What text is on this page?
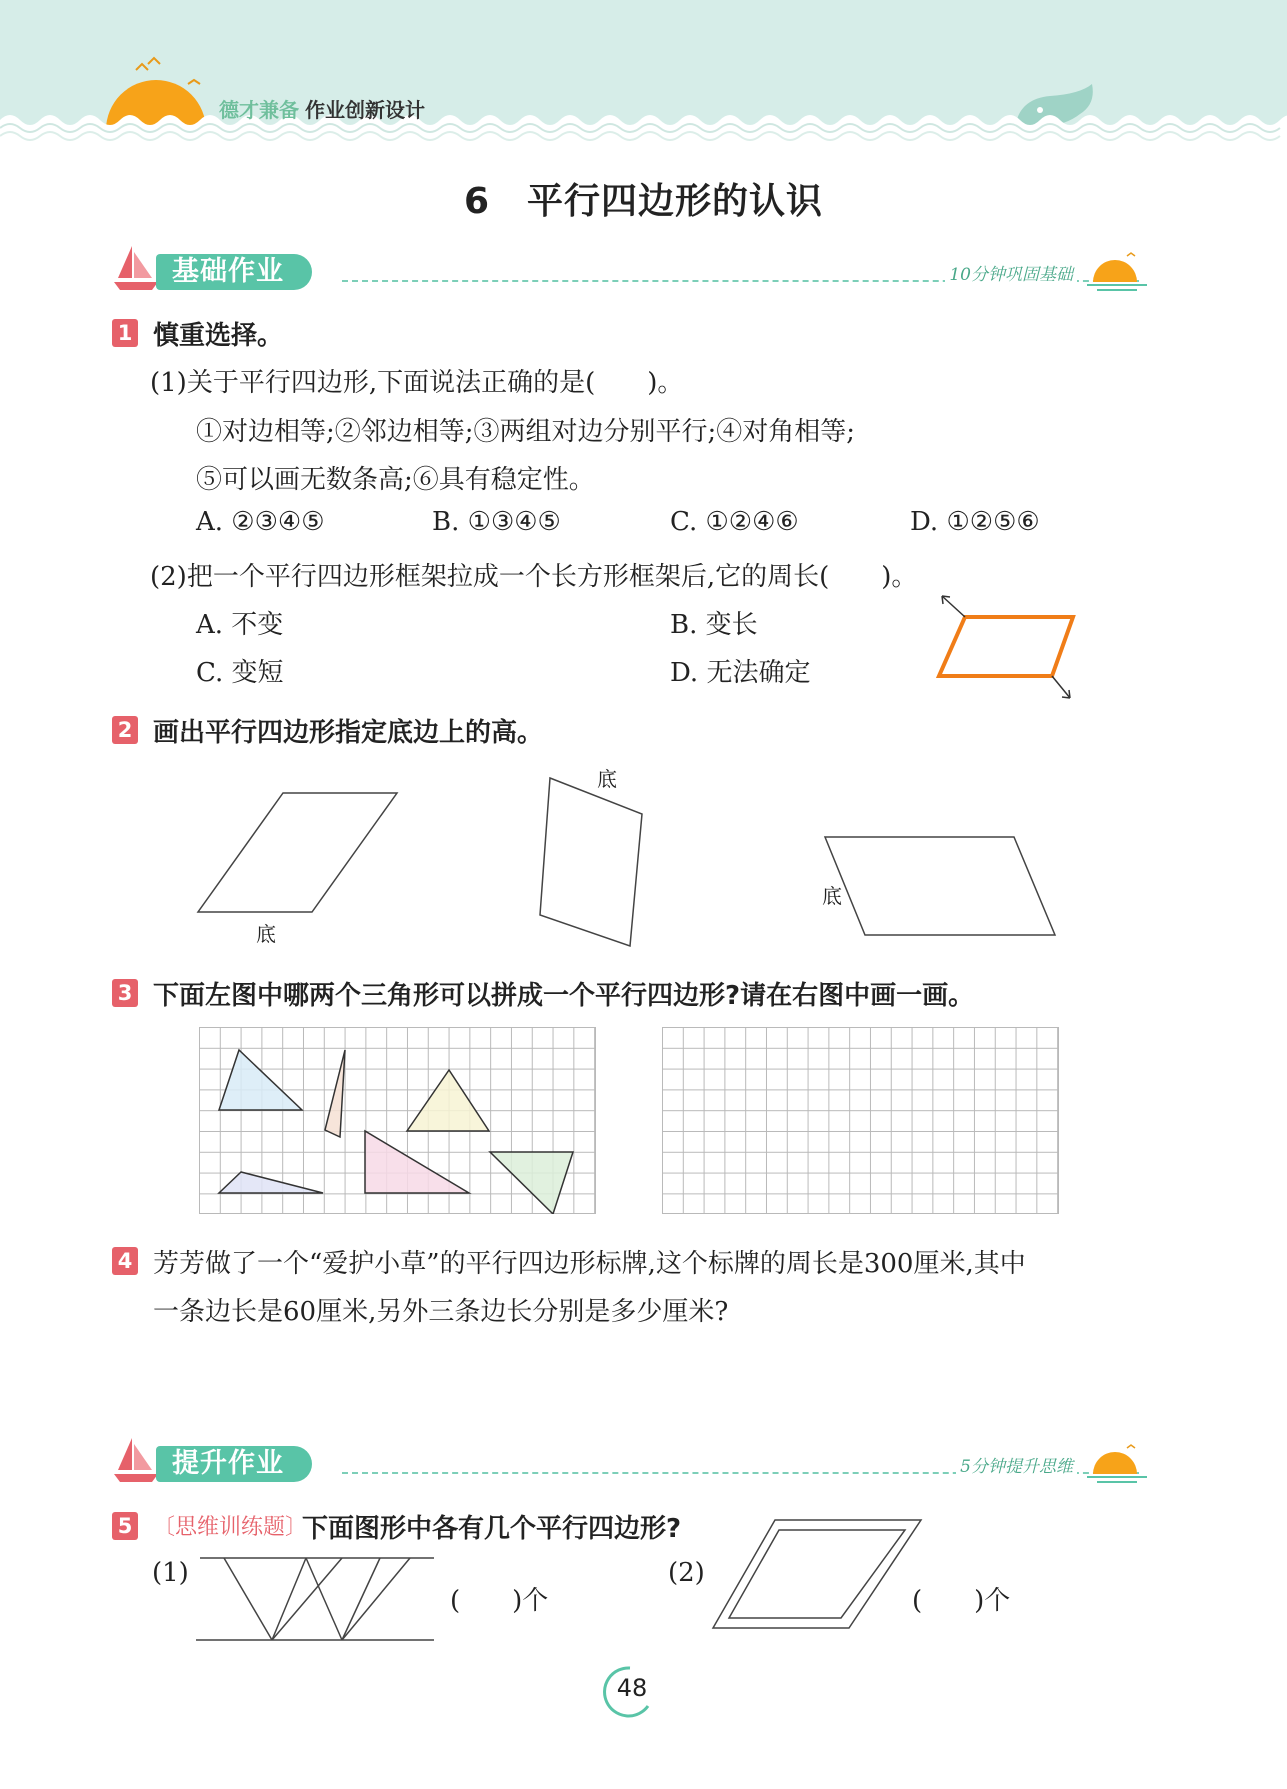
德才兼备 作业创新设计
6　平行四边形的认识
基础作业	10分钟巩固基础
1 慎重选择。
(1)关于平行四边形,下面说法正确的是(　　)。
①对边相等;②邻边相等;③两组对边分别平行;④对角相等;
⑤可以画无数条高;⑥具有稳定性。
A. ②③④⑤	B. ①③④⑤	C. ①②④⑥	D. ①②⑤⑥
(2)把一个平行四边形框架拉成一个长方形框架后,它的周长(　　)。
A. 不变	B. 变长
C. 变短	D. 无法确定
2 画出平行四边形指定底边上的高。
底
底
底
3 下面左图中哪两个三角形可以拼成一个平行四边形?请在右图中画一画。
4 芳芳做了一个“爱护小草”的平行四边形标牌,这个标牌的周长是300厘米,其中
一条边长是60厘米,另外三条边长分别是多少厘米?
提升作业	5分钟提升思维
5 〔思维训练题〕
下面图形中各有几个平行四边形?
(1)
(　　)个
(2)
(　　)个
48
